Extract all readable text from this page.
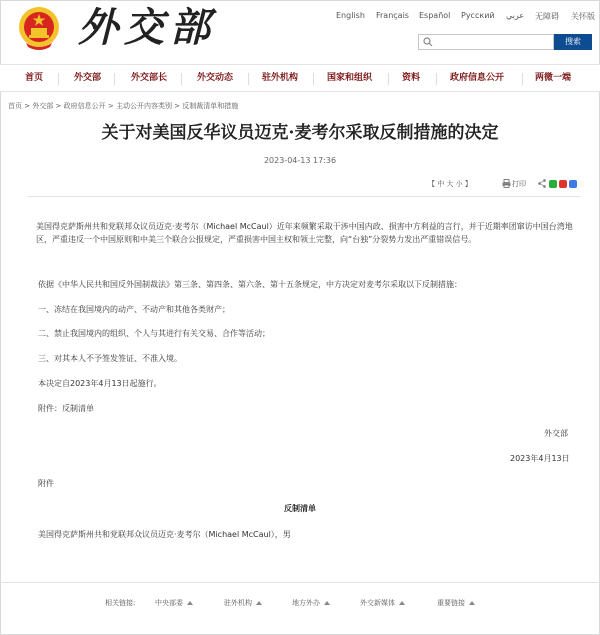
外交部	English Français Español Русский عربي 无障碍 关怀版
搜索
首页	外交部	外交部长	外交动态	驻外机构	国家和组织	资料	政府信息公开	两微一端
首页 > 外交部 > 政府信息公开 > 主动公开内容类别 > 反制裁清单和措施
关于对美国反华议员迈克·麦考尔采取反制措施的决定
2023-04-13 17:36
【 中 大 小 】	打印

美国得克萨斯州共和党联邦众议员迈克·麦考尔（Michael McCaul）近年来频繁采取干涉中国内政、损害中方利益的言行，并于近期率团窜访中国台湾地区，严重违反一个中国原则和中美三个联合公报规定，严重损害中国主权和领土完整，向“台独”分裂势力发出严重错误信号。

依据《中华人民共和国反外国制裁法》第三条、第四条、第六条、第十五条规定，中方决定对麦考尔采取以下反制措施：

一、冻结在我国境内的动产、不动产和其他各类财产；

二、禁止我国境内的组织、个人与其进行有关交易、合作等活动；

三、对其本人不予签发签证、不准入境。

本决定自2023年4月13日起施行。

附件：反制清单

外交部
2023年4月13日
附件
反制清单
美国得克萨斯州共和党联邦众议员迈克·麦考尔（Michael McCaul），男
相关链接:	中央部委	驻外机构	地方外办	外交新媒体	重要链接
